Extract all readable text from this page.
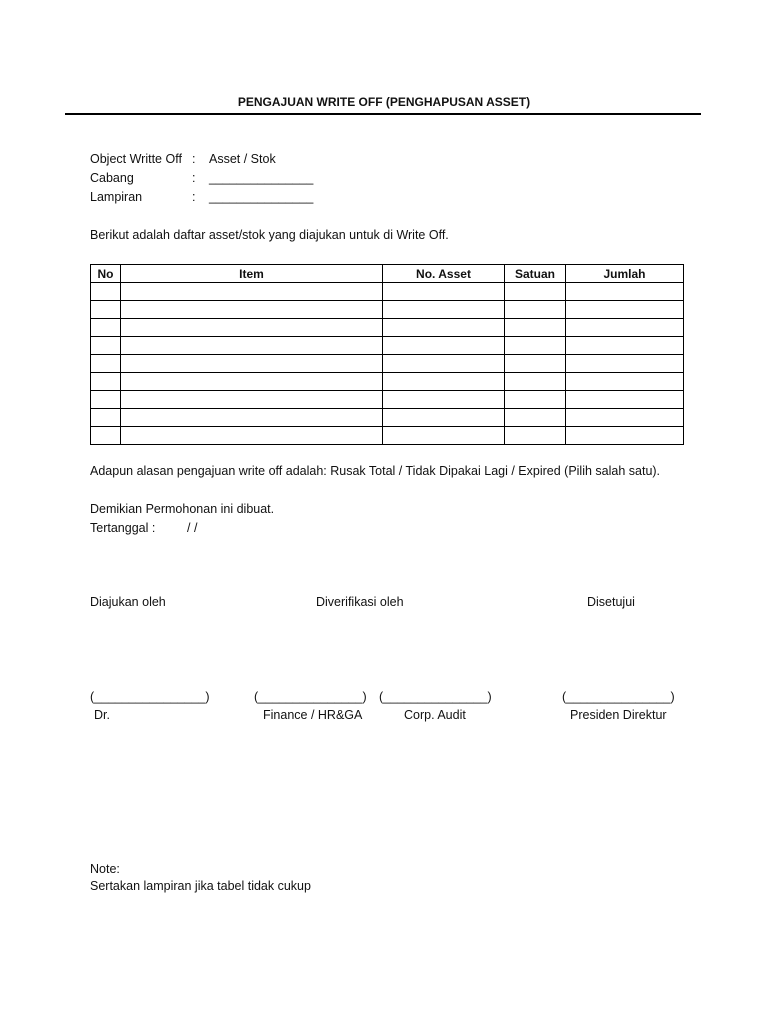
PENGAJUAN WRITE OFF (PENGHAPUSAN ASSET)
Object Writte Off : Asset / Stok
Cabang	: _______________
Lampiran	: _______________
Berikut adalah daftar asset/stok yang diajukan untuk di Write Off.
No	Item	No. Asset	Satuan	Jumlah

Adapun alasan pengajuan write off adalah: Rusak Total / Tidak Dipakai Lagi / Expired (Pilih salah satu).
Demikian Permohonan ini dibuat.
Tertanggal :	/ /
Diajukan oleh	Diverifikasi oleh	Disetujui
(________________)
Dr.
(_______________)
Finance / HR&GA
(_______________)
Corp. Audit
(_______________)
Presiden Direktur
Note:
Sertakan lampiran jika tabel tidak cukup
